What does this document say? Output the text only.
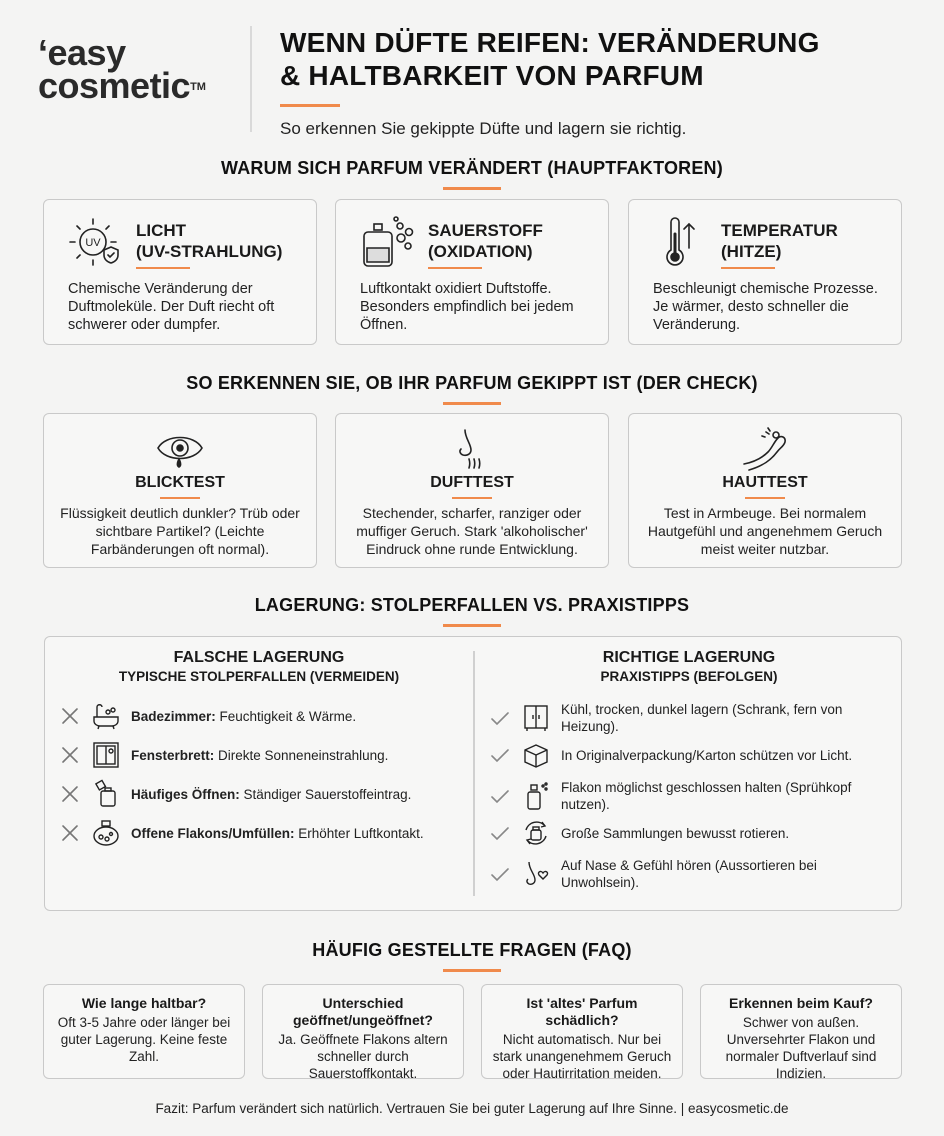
‘easy
cosmetic™
WENN DÜFTE REIFEN: VERÄNDERUNG
& HALTBARKEIT VON PARFUM
So erkennen Sie gekippte Düfte und lagern sie richtig.
WARUM SICH PARFUM VERÄNDERT (HAUPTFAKTOREN)
UV
LICHT
(UV-STRAHLUNG)
Chemische Veränderung der Duftmoleküle. Der Duft riecht oft schwerer oder dumpfer.
SAUERSTOFF
(OXIDATION)
Luftkontakt oxidiert Duftstoffe. Besonders empfindlich bei jedem Öffnen.
TEMPERATUR
(HITZE)
Beschleunigt chemische Prozesse. Je wärmer, desto schneller die Veränderung.
SO ERKENNEN SIE, OB IHR PARFUM GEKIPPT IST (DER CHECK)
BLICKTEST
Flüssigkeit deutlich dunkler? Trüb oder sichtbare Partikel? (Leichte Farbänderungen oft normal).
DUFTTEST
Stechender, scharfer, ranziger oder muffiger Geruch. Stark 'alkoholischer' Eindruck ohne runde Entwicklung.
HAUTTEST
Test in Armbeuge. Bei normalem Hautgefühl und angenehmem Geruch meist weiter nutzbar.
LAGERUNG: STOLPERFALLEN VS. PRAXISTIPPS
FALSCHE LAGERUNG
TYPISCHE STOLPERFALLEN (VERMEIDEN)
RICHTIGE LAGERUNG
PRAXISTIPPS (BEFOLGEN)
Badezimmer: Feuchtigkeit & Wärme.
Fensterbrett: Direkte Sonneneinstrahlung.
Häufiges Öffnen: Ständiger Sauerstoffeintrag.
Offene Flakons/Umfüllen: Erhöhter Luftkontakt.
Kühl, trocken, dunkel lagern (Schrank, fern von Heizung).
In Originalverpackung/Karton schützen vor Licht.
Flakon möglichst geschlossen halten (Sprühkopf nutzen).
Große Sammlungen bewusst rotieren.
Auf Nase & Gefühl hören (Aussortieren bei Unwohlsein).
HÄUFIG GESTELLTE FRAGEN (FAQ)
Wie lange haltbar?
Oft 3-5 Jahre oder länger bei guter Lagerung. Keine feste Zahl.
Unterschied geöffnet/ungeöffnet?
Ja. Geöffnete Flakons altern schneller durch Sauerstoffkontakt.
Ist 'altes' Parfum schädlich?
Nicht automatisch. Nur bei stark unangenehmem Geruch oder Hautirritation meiden.
Erkennen beim Kauf?
Schwer von außen. Unversehrter Flakon und normaler Duftverlauf sind Indizien.
Fazit: Parfum verändert sich natürlich. Vertrauen Sie bei guter Lagerung auf Ihre Sinne. | easycosmetic.de
